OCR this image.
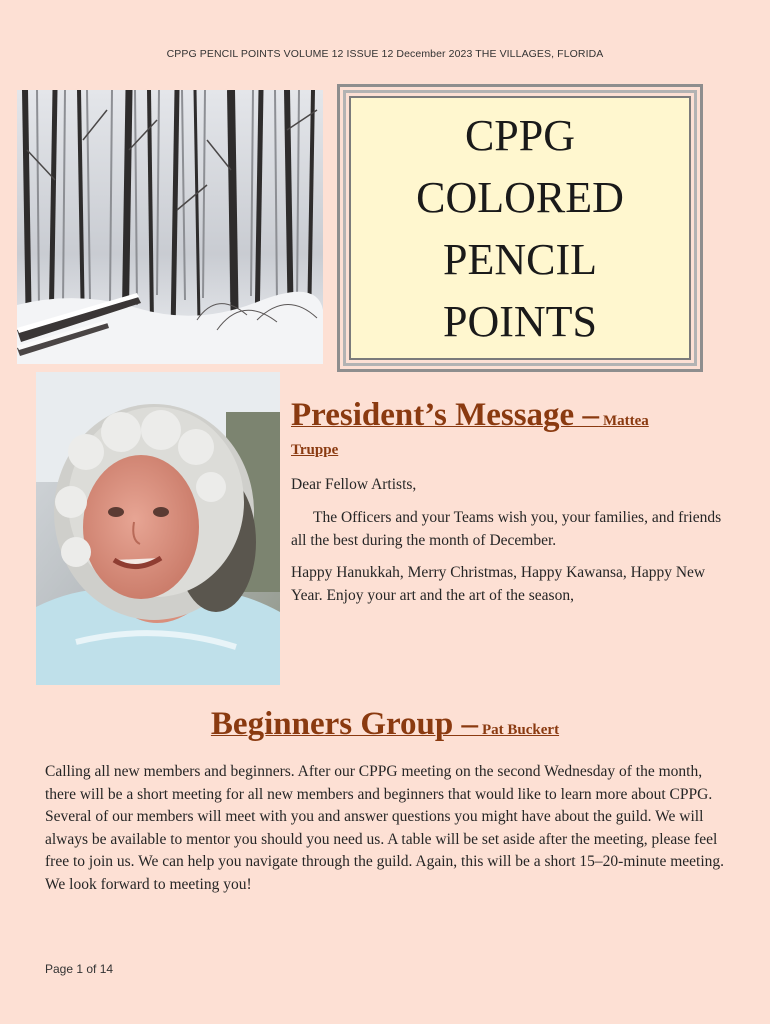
CPPG PENCIL POINTS VOLUME 12 ISSUE 12 December 2023 THE VILLAGES, FLORIDA
CPPG
COLORED
PENCIL
POINTS
President’s Message – Mattea
Truppe
Dear Fellow Artists,
The Officers and your Teams wish you, your families, and friends all the best during the month of December.
Happy Hanukkah, Merry Christmas, Happy Kawansa, Happy New Year. Enjoy your art and the art of the season,
Beginners Group – Pat Buckert
Calling all new members and beginners. After our CPPG meeting on the second Wednesday of the month, there will be a short meeting for all new members and beginners that would like to learn more about CPPG. Several of our members will meet with you and answer questions you might have about the guild. We will always be available to mentor you should you need us. A table will be set aside after the meeting, please feel free to join us. We can help you navigate through the guild. Again, this will be a short 15–20-minute meeting. We look forward to meeting you!
Page 1 of 14
